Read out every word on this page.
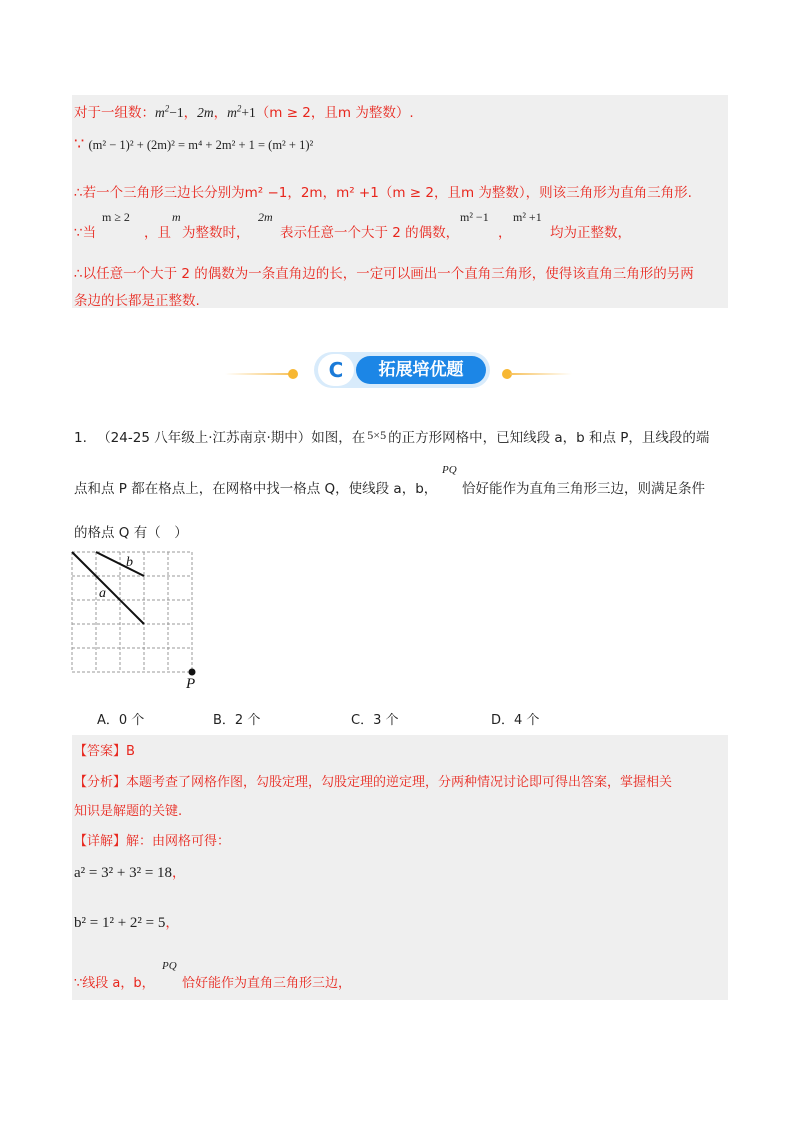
对于一组数：$m^2-1$，2m，$m^2+1(m \ge 2$，且m 为整数）.
∵ (m² − 1)² + (2m)² = m⁴ + 2m² + 1 = (m² + 1)²
∴若一个三角形三边长分别为m² −1，2m，m² +1（m ≥ 2，且m 为整数），则该三角形为直角三角形.
∵当
m ≥ 2
，且
m
为整数时，
2m
表示任意一个大于 2 的偶数，
m² −1
，
m² +1
均为正整数，
∴以任意一个大于 2 的偶数为一条直角边的长，一定可以画出一个直角三角形，使得该直角三角形的另两
条边的长都是正整数.
C	拓展培优题
1. （24-25 八年级上·江苏南京·期中）如图，在 5×5 的正方形网格中，已知线段 a，b 和点 P，且线段的端
点和点 P 都在格点上，在网格中找一格点 Q，使线段 a，b，
PQ
恰好能作为直角三角形三边，则满足条件
的格点 Q 有（　）
b
a
P
A．0 个	B．2 个	C．3 个	D．4 个
【答案】B
【分析】本题考查了网格作图，勾股定理，勾股定理的逆定理，分两种情况讨论即可得出答案，掌握相关
知识是解题的关键.
【详解】解：由网格可得：
a² = 3² + 3² = 18，
b² = 1² + 2² = 5，
∵线段 a，b，
PQ
恰好能作为直角三角形三边，
